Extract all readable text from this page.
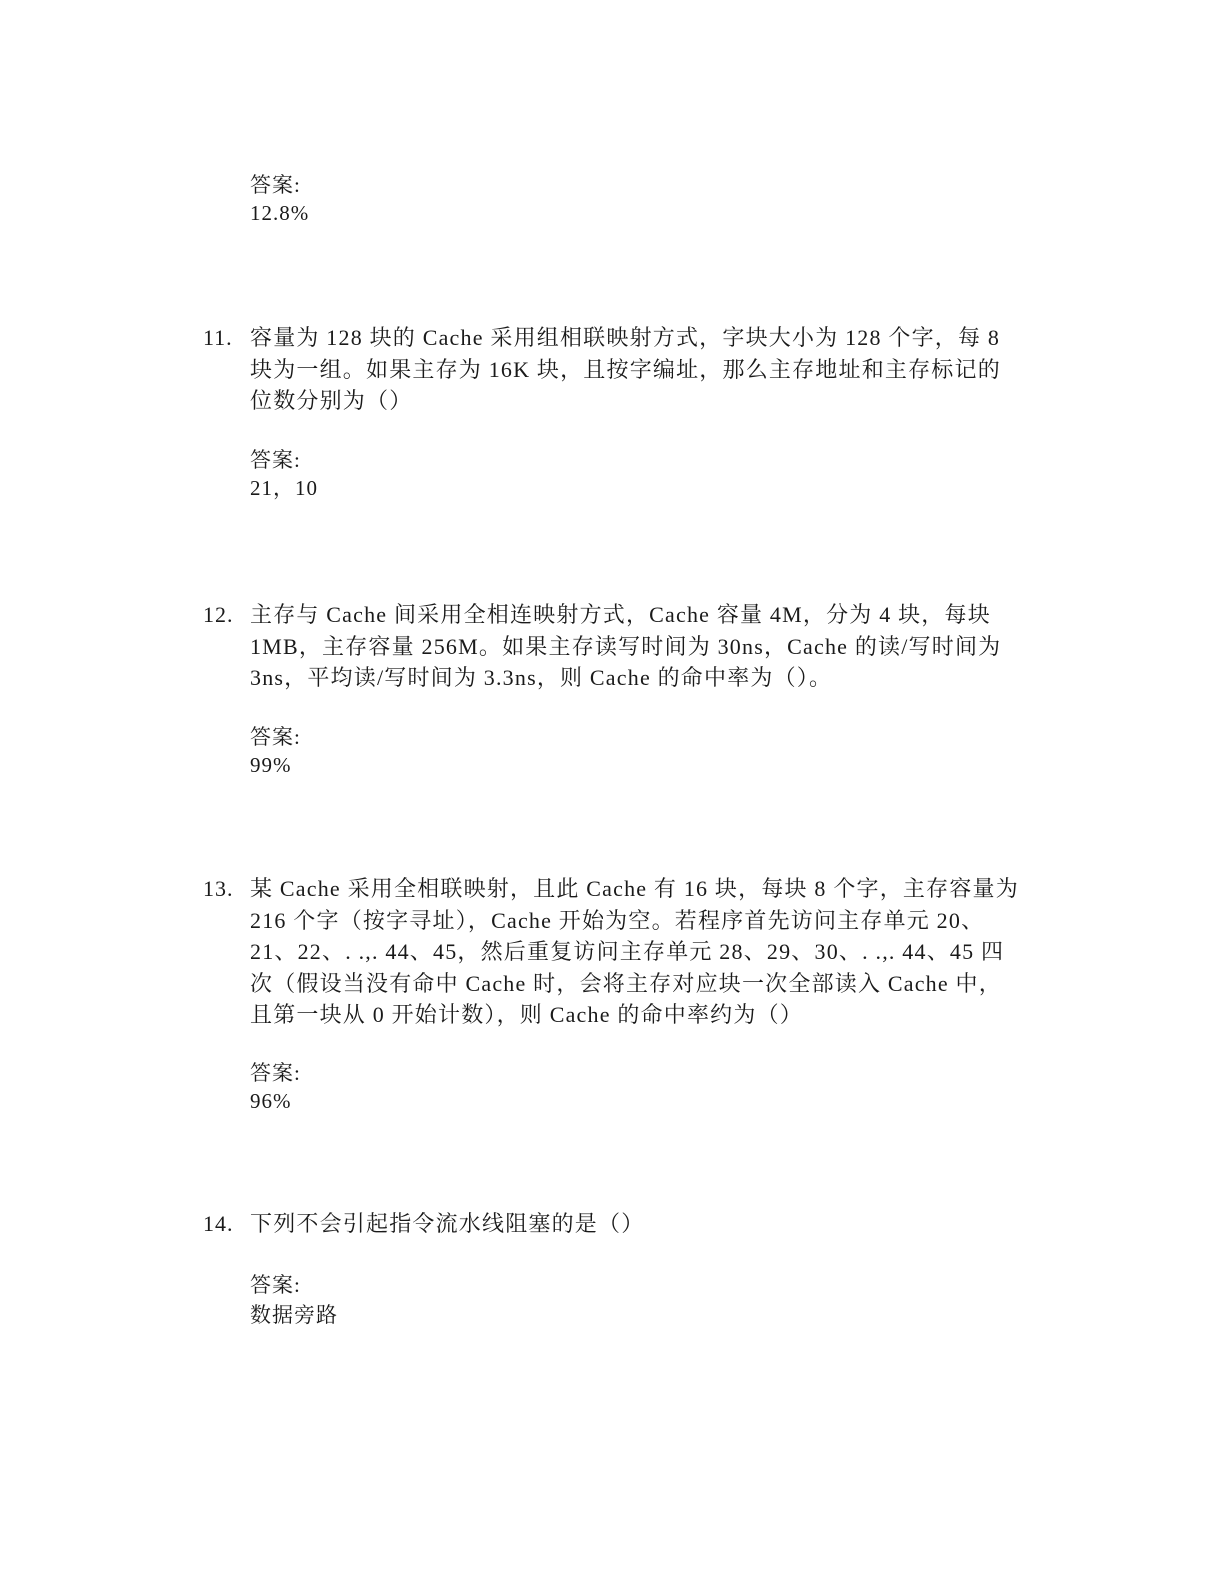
答案:
12.8%
11. 容量为 128 块的 Cache 采用组相联映射方式，字块大小为 128 个字，每 8
块为一组。如果主存为 16K 块，且按字编址，那么主存地址和主存标记的
位数分别为（）
答案:
21，10
12. 主存与 Cache 间采用全相连映射方式，Cache 容量 4M，分为 4 块，每块
1MB，主存容量 256M。如果主存读写时间为 30ns，Cache 的读/写时间为
3ns，平均读/写时间为 3.3ns，则 Cache 的命中率为（）。
答案:
99%
13. 某 Cache 采用全相联映射，且此 Cache 有 16 块，每块 8 个字，主存容量为
216 个字（按字寻址），Cache 开始为空。若程序首先访问主存单元 20、
21、22、. .,. 44、45，然后重复访问主存单元 28、29、30、. .,. 44、45 四
次（假设当没有命中 Cache 时，会将主存对应块一次全部读入 Cache 中，
且第一块从 0 开始计数），则 Cache 的命中率约为（）
答案:
96%
14. 下列不会引起指令流水线阻塞的是（）
答案:
数据旁路
